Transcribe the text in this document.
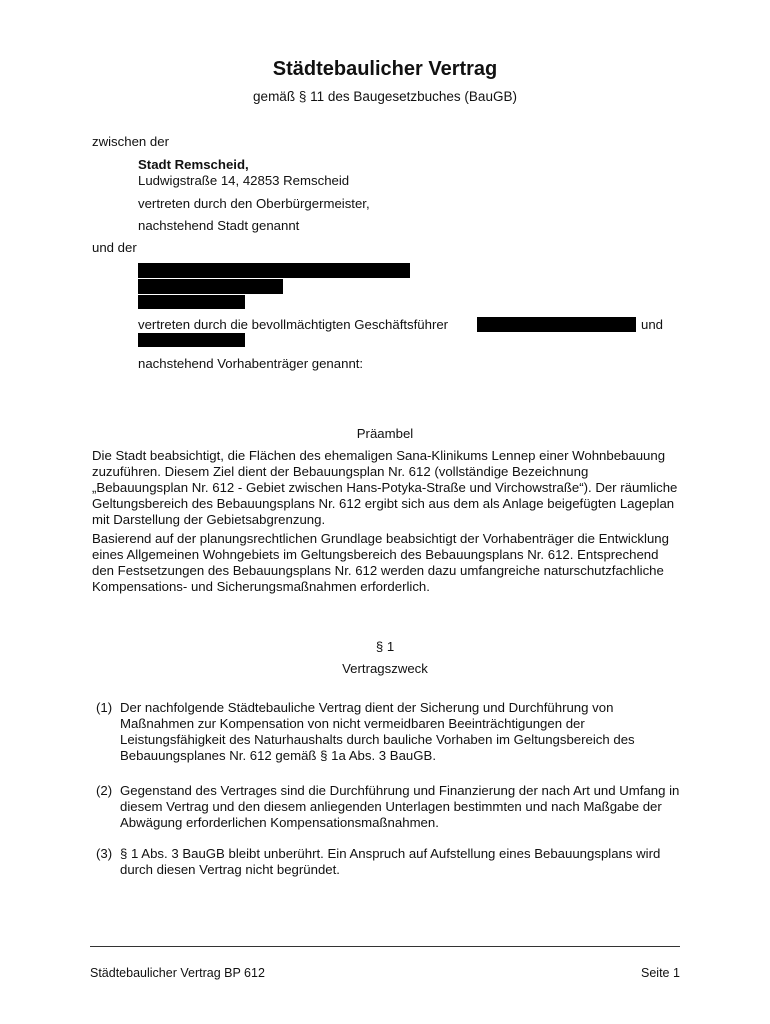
Städtebaulicher Vertrag
gemäß § 11 des Baugesetzbuches (BauGB)
zwischen der
Stadt Remscheid,
Ludwigstraße 14, 42853 Remscheid
vertreten durch den Oberbürgermeister,
nachstehend Stadt genannt
und der
vertreten durch die bevollmächtigten Geschäftsführer	und
nachstehend Vorhabenträger genannt:
Präambel

Die Stadt beabsichtigt, die Flächen des ehemaligen Sana-Klinikums Lennep einer Wohnbebauung zuzuführen. Diesem Ziel dient der Bebauungsplan Nr. 612 (vollständige Bezeichnung „Bebauungsplan Nr. 612 - Gebiet zwischen Hans-Potyka-Straße und Virchowstraße“). Der räumliche Geltungsbereich des Bebauungsplans Nr. 612 ergibt sich aus dem als Anlage beigefügten Lageplan mit Darstellung der Gebietsabgrenzung.

Basierend auf der planungsrechtlichen Grundlage beabsichtigt der Vorhabenträger die Entwicklung eines Allgemeinen Wohngebiets im Geltungsbereich des Bebauungsplans Nr. 612. Entsprechend den Festsetzungen des Bebauungsplans Nr. 612 werden dazu umfangreiche naturschutzfachliche Kompensations- und Sicherungsmaßnahmen erforderlich.

§ 1
Vertragszweck
(1) Der nachfolgende Städtebauliche Vertrag dient der Sicherung und Durchführung von Maßnahmen zur Kompensation von nicht vermeidbaren Beeinträchtigungen der Leistungsfähigkeit des Naturhaushalts durch bauliche Vorhaben im Geltungsbereich des Bebauungsplanes Nr. 612 gemäß § 1a Abs. 3 BauGB.
(2) Gegenstand des Vertrages sind die Durchführung und Finanzierung der nach Art und Umfang in diesem Vertrag und den diesem anliegenden Unterlagen bestimmten und nach Maßgabe der Abwägung erforderlichen Kompensationsmaßnahmen.
(3) § 1 Abs. 3 BauGB bleibt unberührt. Ein Anspruch auf Aufstellung eines Bebauungsplans wird durch diesen Vertrag nicht begründet.
Städtebaulicher Vertrag BP 612	Seite 1
